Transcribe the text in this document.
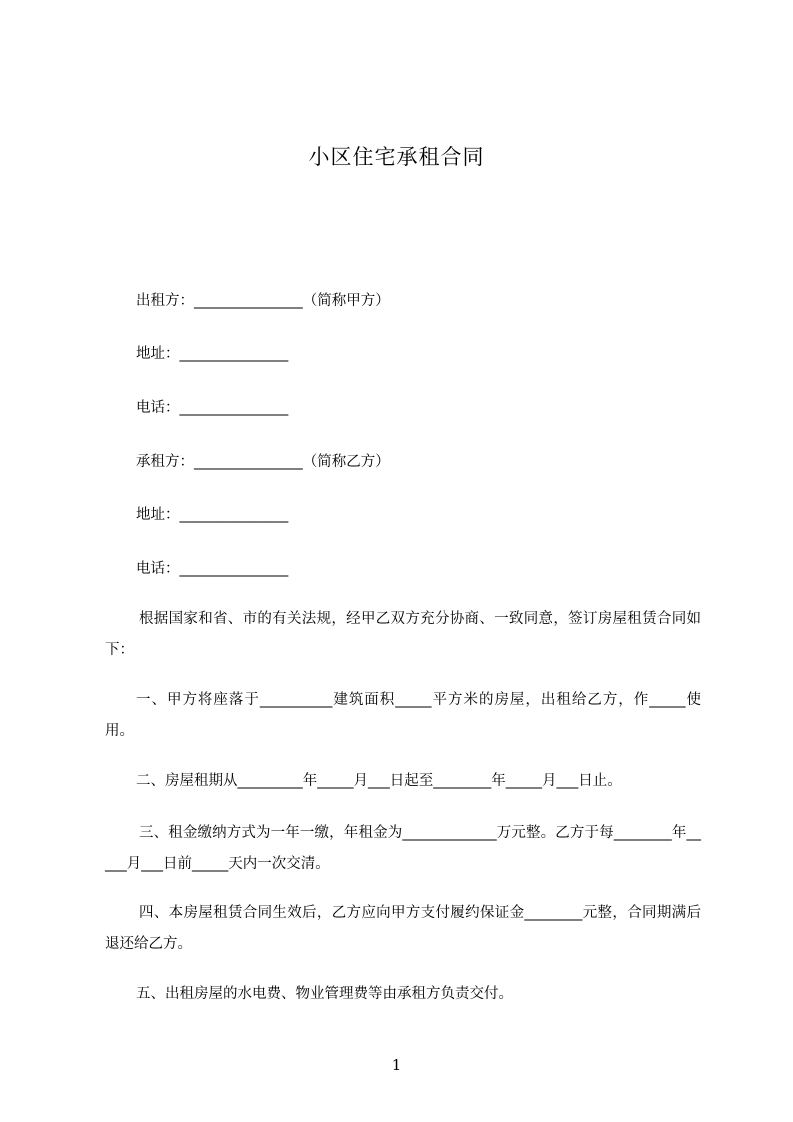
小区住宅承租合同
出租方：_______________（简称甲方）
地址：_______________
电话：_______________
承租方：_______________（简称乙方）
地址：_______________
电话：_______________

根据国家和省、市的有关法规，经甲乙双方充分协商、一致同意，签订房屋租赁合同如下：

一、甲方将座落于__________建筑面积_____平方米的房屋，出租给乙方，作_____使用。

二、房屋租期从_________年_____月___日起至________年_____月___日止。

三、租金缴纳方式为一年一缴，年租金为_____________万元整。乙方于每________年_____月___日前_____天内一次交清。

四、本房屋租赁合同生效后，乙方应向甲方支付履约保证金________元整，合同期满后退还给乙方。

五、出租房屋的水电费、物业管理费等由承租方负责交付。

1
